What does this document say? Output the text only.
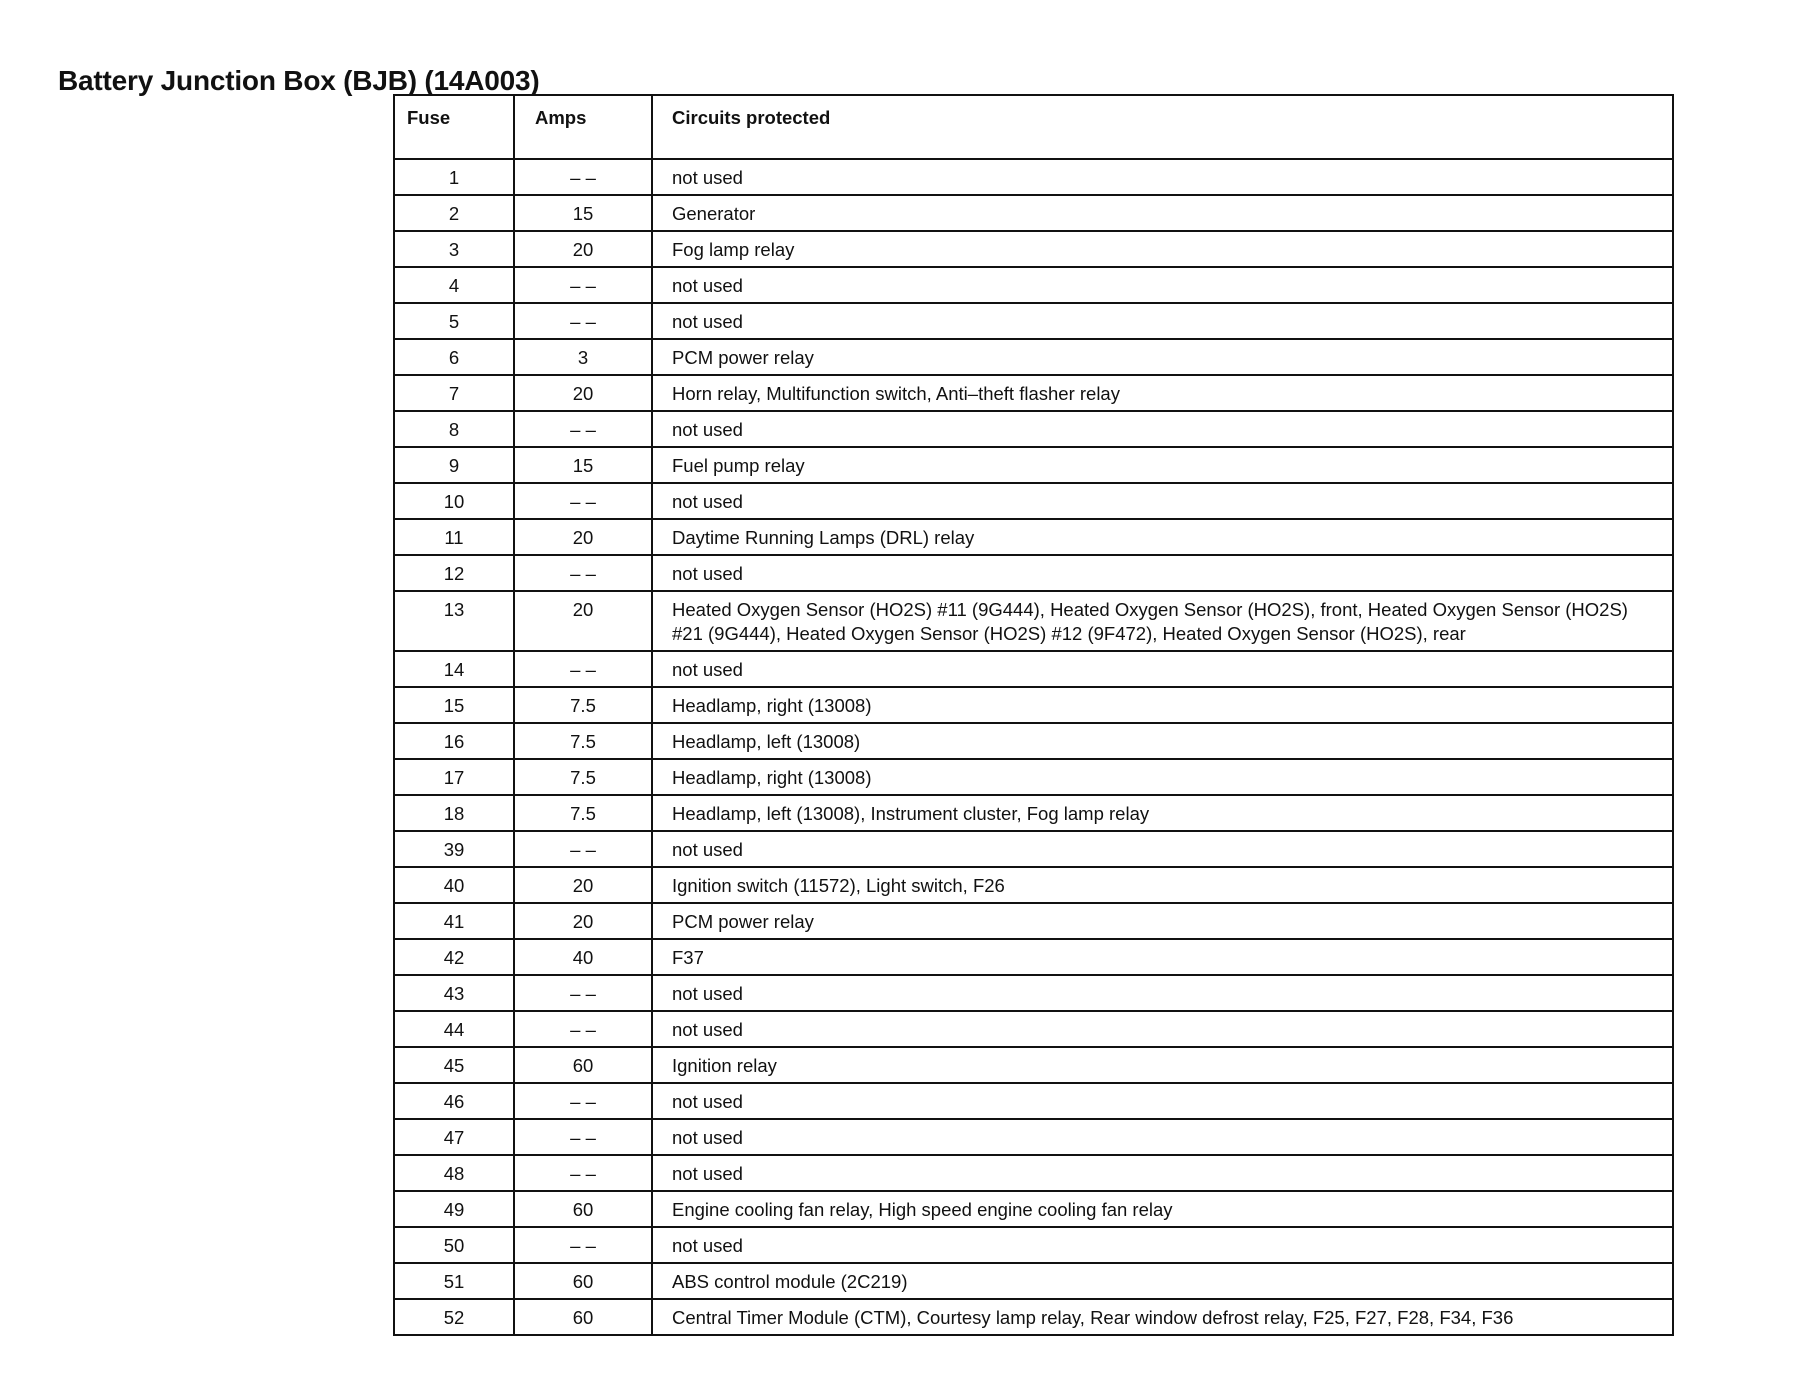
Battery Junction Box (BJB) (14A003)
Fuse	Amps	Circuits protected
1	– –	not used
2	15	Generator
3	20	Fog lamp relay
4	– –	not used
5	– –	not used
6	3	PCM power relay
7	20	Horn relay, Multifunction switch, Anti–theft flasher relay
8	– –	not used
9	15	Fuel pump relay
10	– –	not used
11	20	Daytime Running Lamps (DRL) relay
12	– –	not used
13	20	Heated Oxygen Sensor (HO2S) #11 (9G444), Heated Oxygen Sensor (HO2S), front, Heated Oxygen Sensor (HO2S) #21 (9G444), Heated Oxygen Sensor (HO2S) #12 (9F472), Heated Oxygen Sensor (HO2S), rear
14	– –	not used
15	7.5	Headlamp, right (13008)
16	7.5	Headlamp, left (13008)
17	7.5	Headlamp, right (13008)
18	7.5	Headlamp, left (13008), Instrument cluster, Fog lamp relay
39	– –	not used
40	20	Ignition switch (11572), Light switch, F26
41	20	PCM power relay
42	40	F37
43	– –	not used
44	– –	not used
45	60	Ignition relay
46	– –	not used
47	– –	not used
48	– –	not used
49	60	Engine cooling fan relay, High speed engine cooling fan relay
50	– –	not used
51	60	ABS control module (2C219)
52	60	Central Timer Module (CTM), Courtesy lamp relay, Rear window defrost relay, F25, F27, F28, F34, F36
